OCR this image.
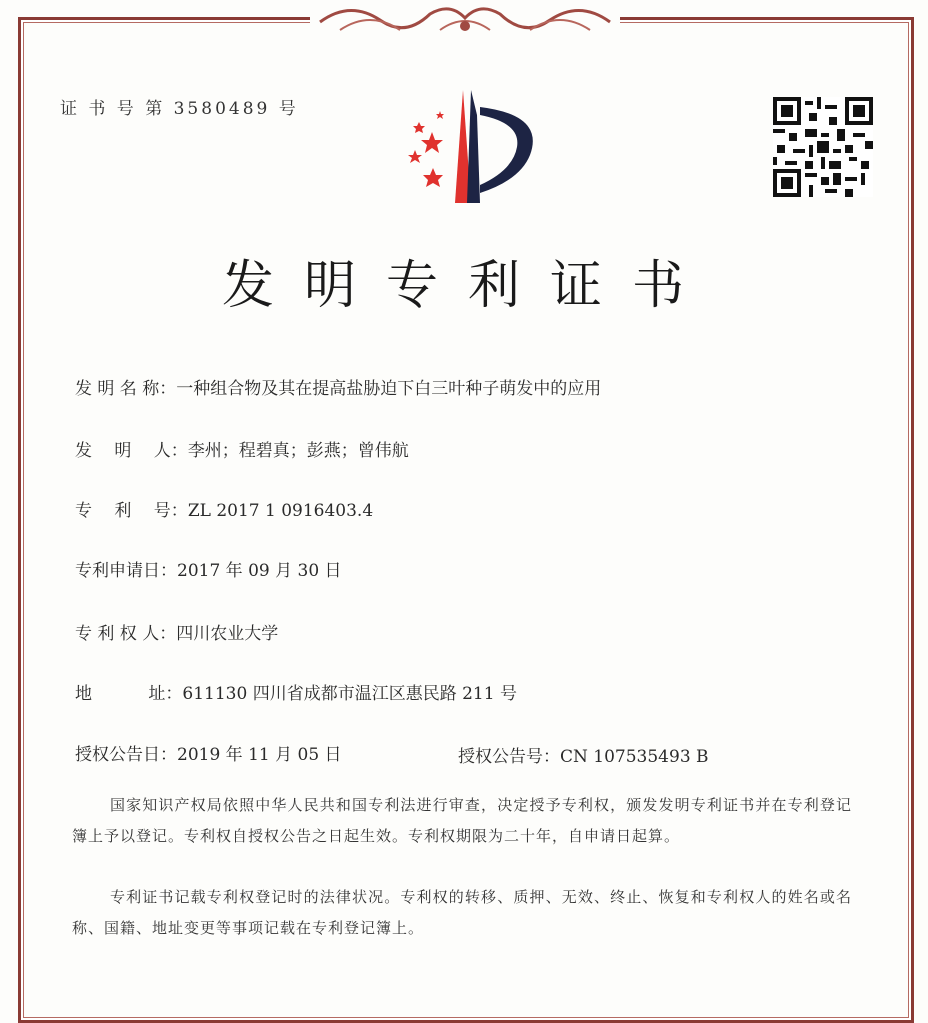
证 书 号 第 3580489 号
发明专利证书
发 明 名 称：一种组合物及其在提高盐胁迫下白三叶种子萌发中的应用
发　 明　 人：李州；程碧真；彭燕；曾伟航
专　 利　 号：ZL 2017 1 0916403.4
专利申请日：2017 年 09 月 30 日
专 利 权 人：四川农业大学
地　　　 址：611130 四川省成都市温江区惠民路 211 号
授权公告日：2019 年 11 月 05 日	授权公告号：CN 107535493 B
国家知识产权局依照中华人民共和国专利法进行审查，决定授予专利权，颁发发明专利证书并在专利登记簿上予以登记。专利权自授权公告之日起生效。专利权期限为二十年，自申请日起算。
专利证书记载专利权登记时的法律状况。专利权的转移、质押、无效、终止、恢复和专利权人的姓名或名称、国籍、地址变更等事项记载在专利登记簿上。
